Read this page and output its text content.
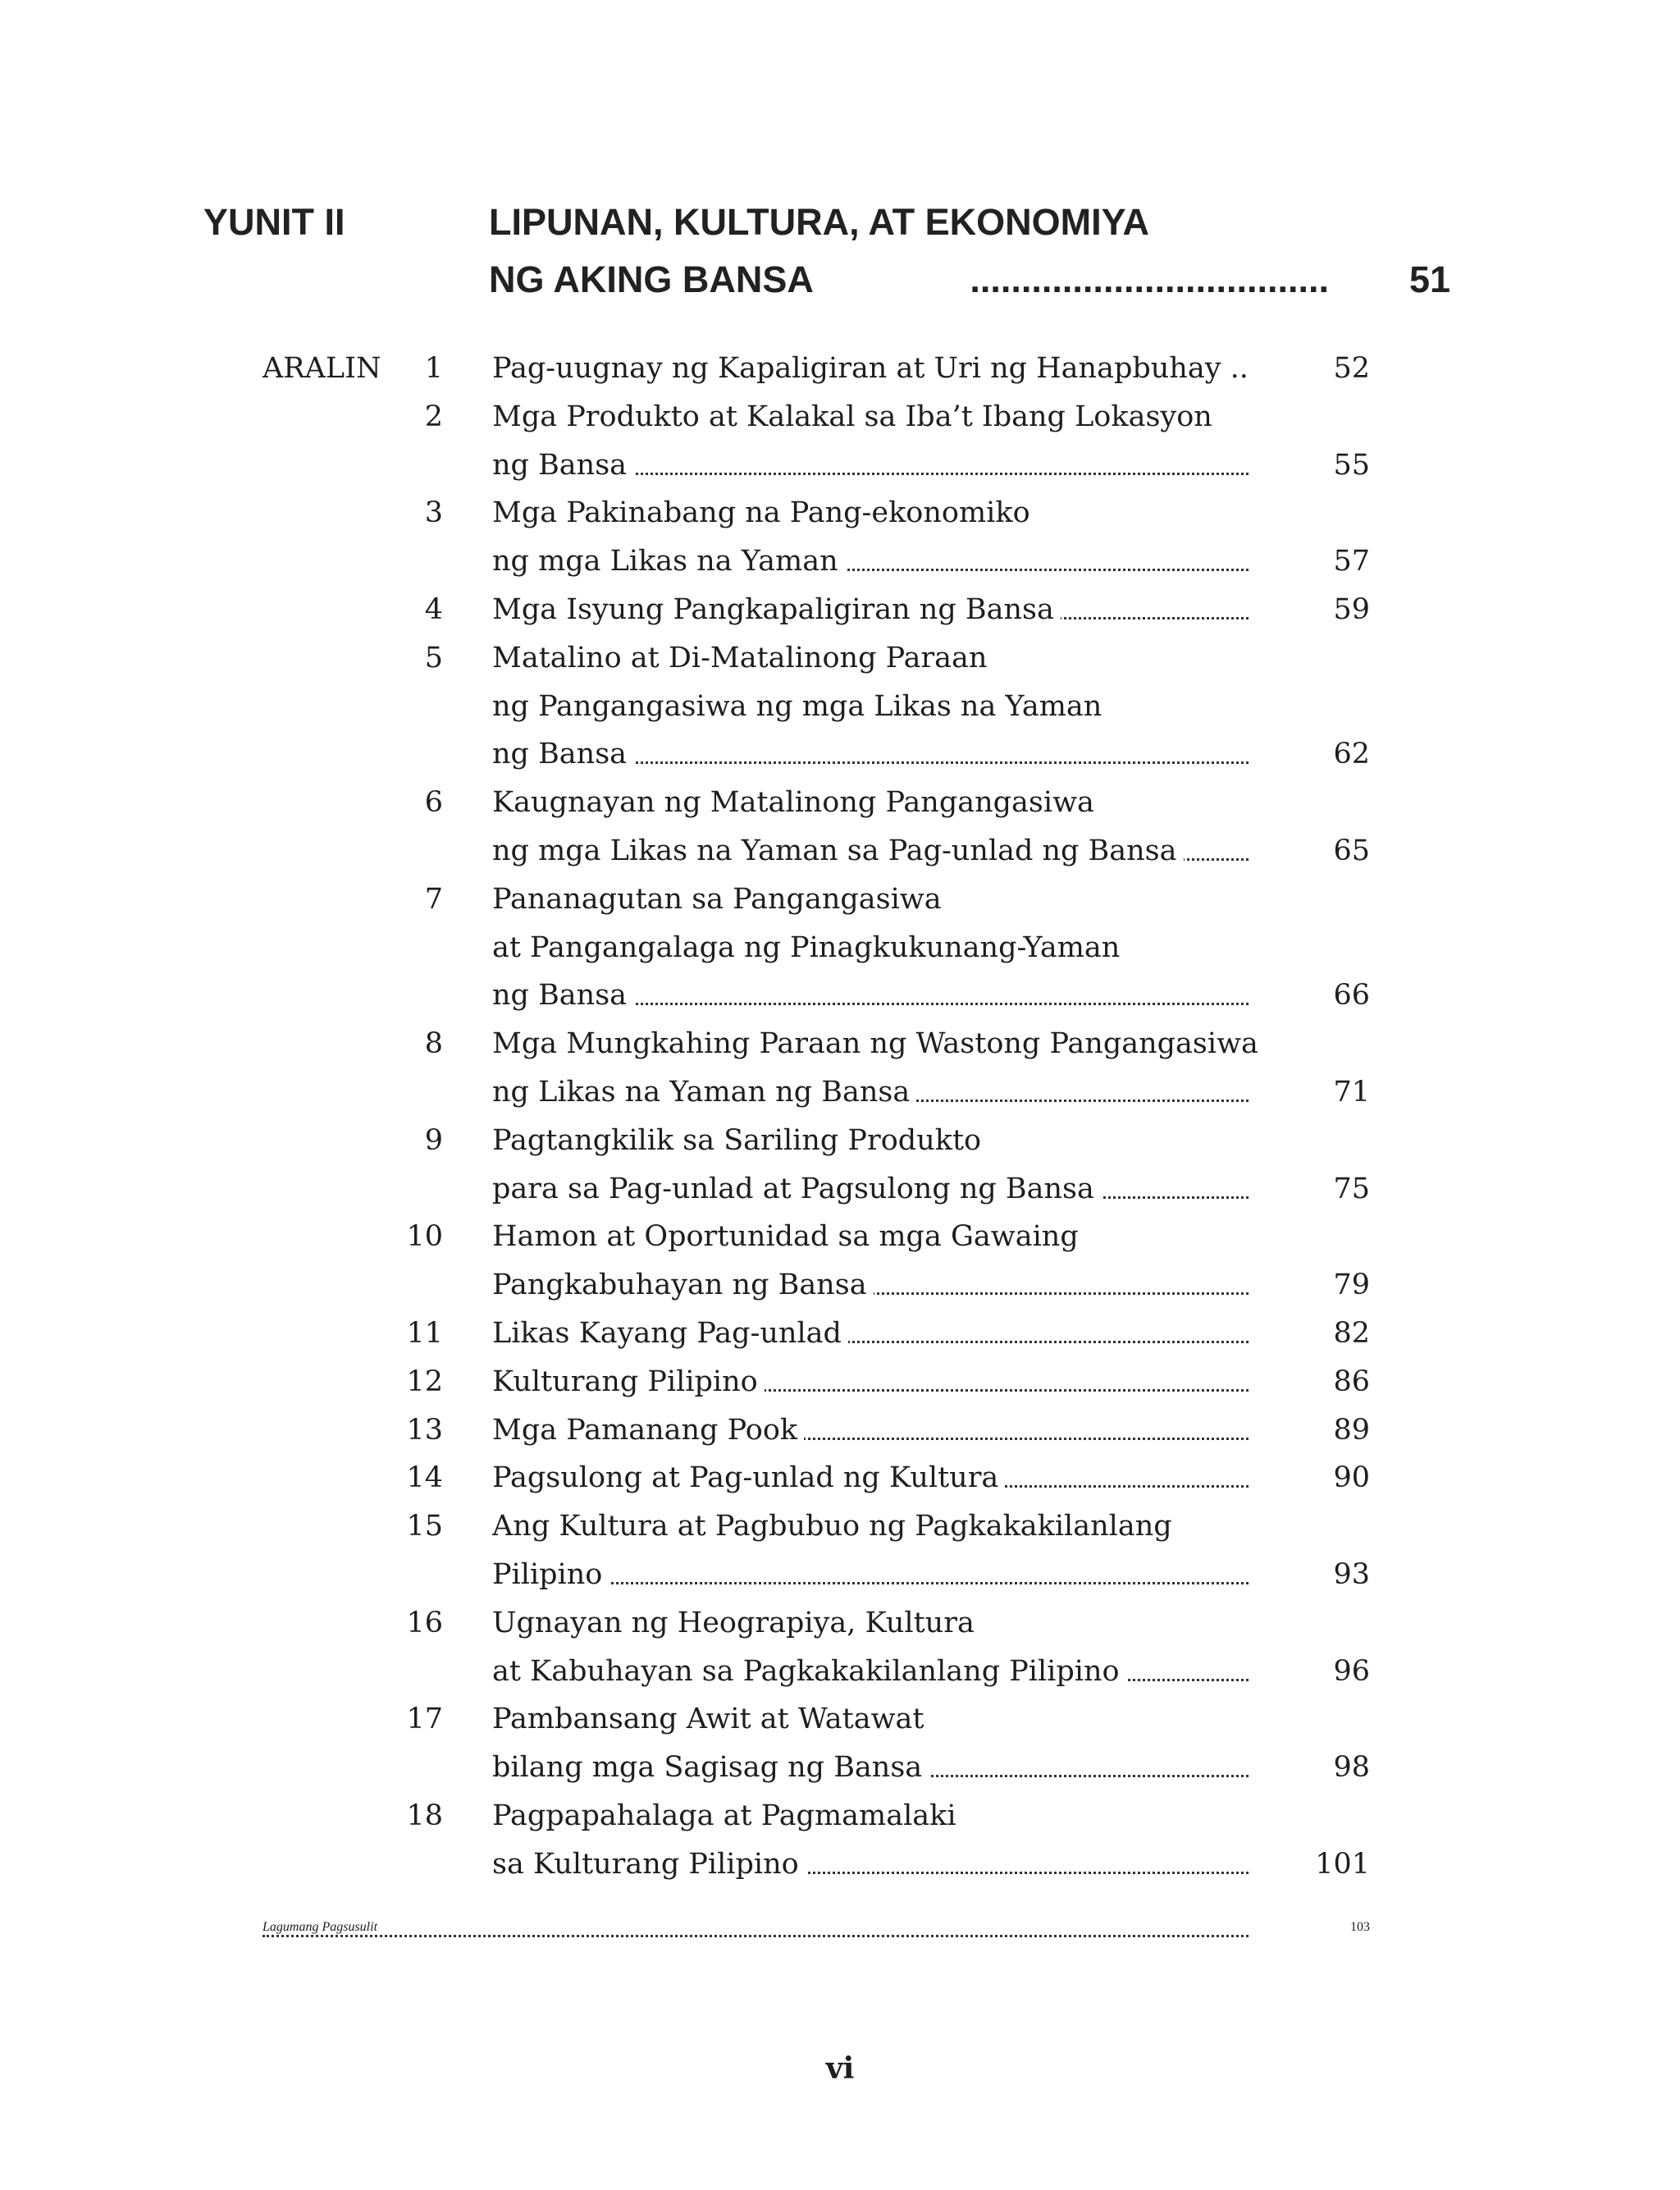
YUNIT II	LIPUNAN, KULTURA, AT EKONOMIYA
...................................
NG AKING BANSA	51
ARALIN	1 Pag-uugnay ng Kapaligiran at Uri ng Hanapbuhay ..	52
2 Mga Produkto at Kalakal sa Iba’t Ibang Lokasyon
ng Bansa	55
3 Mga Pakinabang na Pang-ekonomiko
ng mga Likas na Yaman	57
4 Mga Isyung Pangkapaligiran ng Bansa	59
5 Matalino at Di-Matalinong Paraan
ng Pangangasiwa ng mga Likas na Yaman
ng Bansa	62
6 Kaugnayan ng Matalinong Pangangasiwa
ng mga Likas na Yaman sa Pag-unlad ng Bansa	65
7 Pananagutan sa Pangangasiwa
at Pangangalaga ng Pinagkukunang-Yaman
ng Bansa	66
8 Mga Mungkahing Paraan ng Wastong Pangangasiwa
ng Likas na Yaman ng Bansa	71
9 Pagtangkilik sa Sariling Produkto
para sa Pag-unlad at Pagsulong ng Bansa	75
10 Hamon at Oportunidad sa mga Gawaing
Pangkabuhayan ng Bansa	79
11 Likas Kayang Pag-unlad	82
12 Kulturang Pilipino	86
13 Mga Pamanang Pook	89
14 Pagsulong at Pag-unlad ng Kultura	90
15 Ang Kultura at Pagbubuo ng Pagkakakilanlang
Pilipino	93
16 Ugnayan ng Heograpiya, Kultura
at Kabuhayan sa Pagkakakilanlang Pilipino	96
17 Pambansang Awit at Watawat
bilang mga Sagisag ng Bansa	98
18 Pagpapahalaga at Pagmamalaki
sa Kulturang Pilipino	101
Lagumang Pagsusulit	103
vi
